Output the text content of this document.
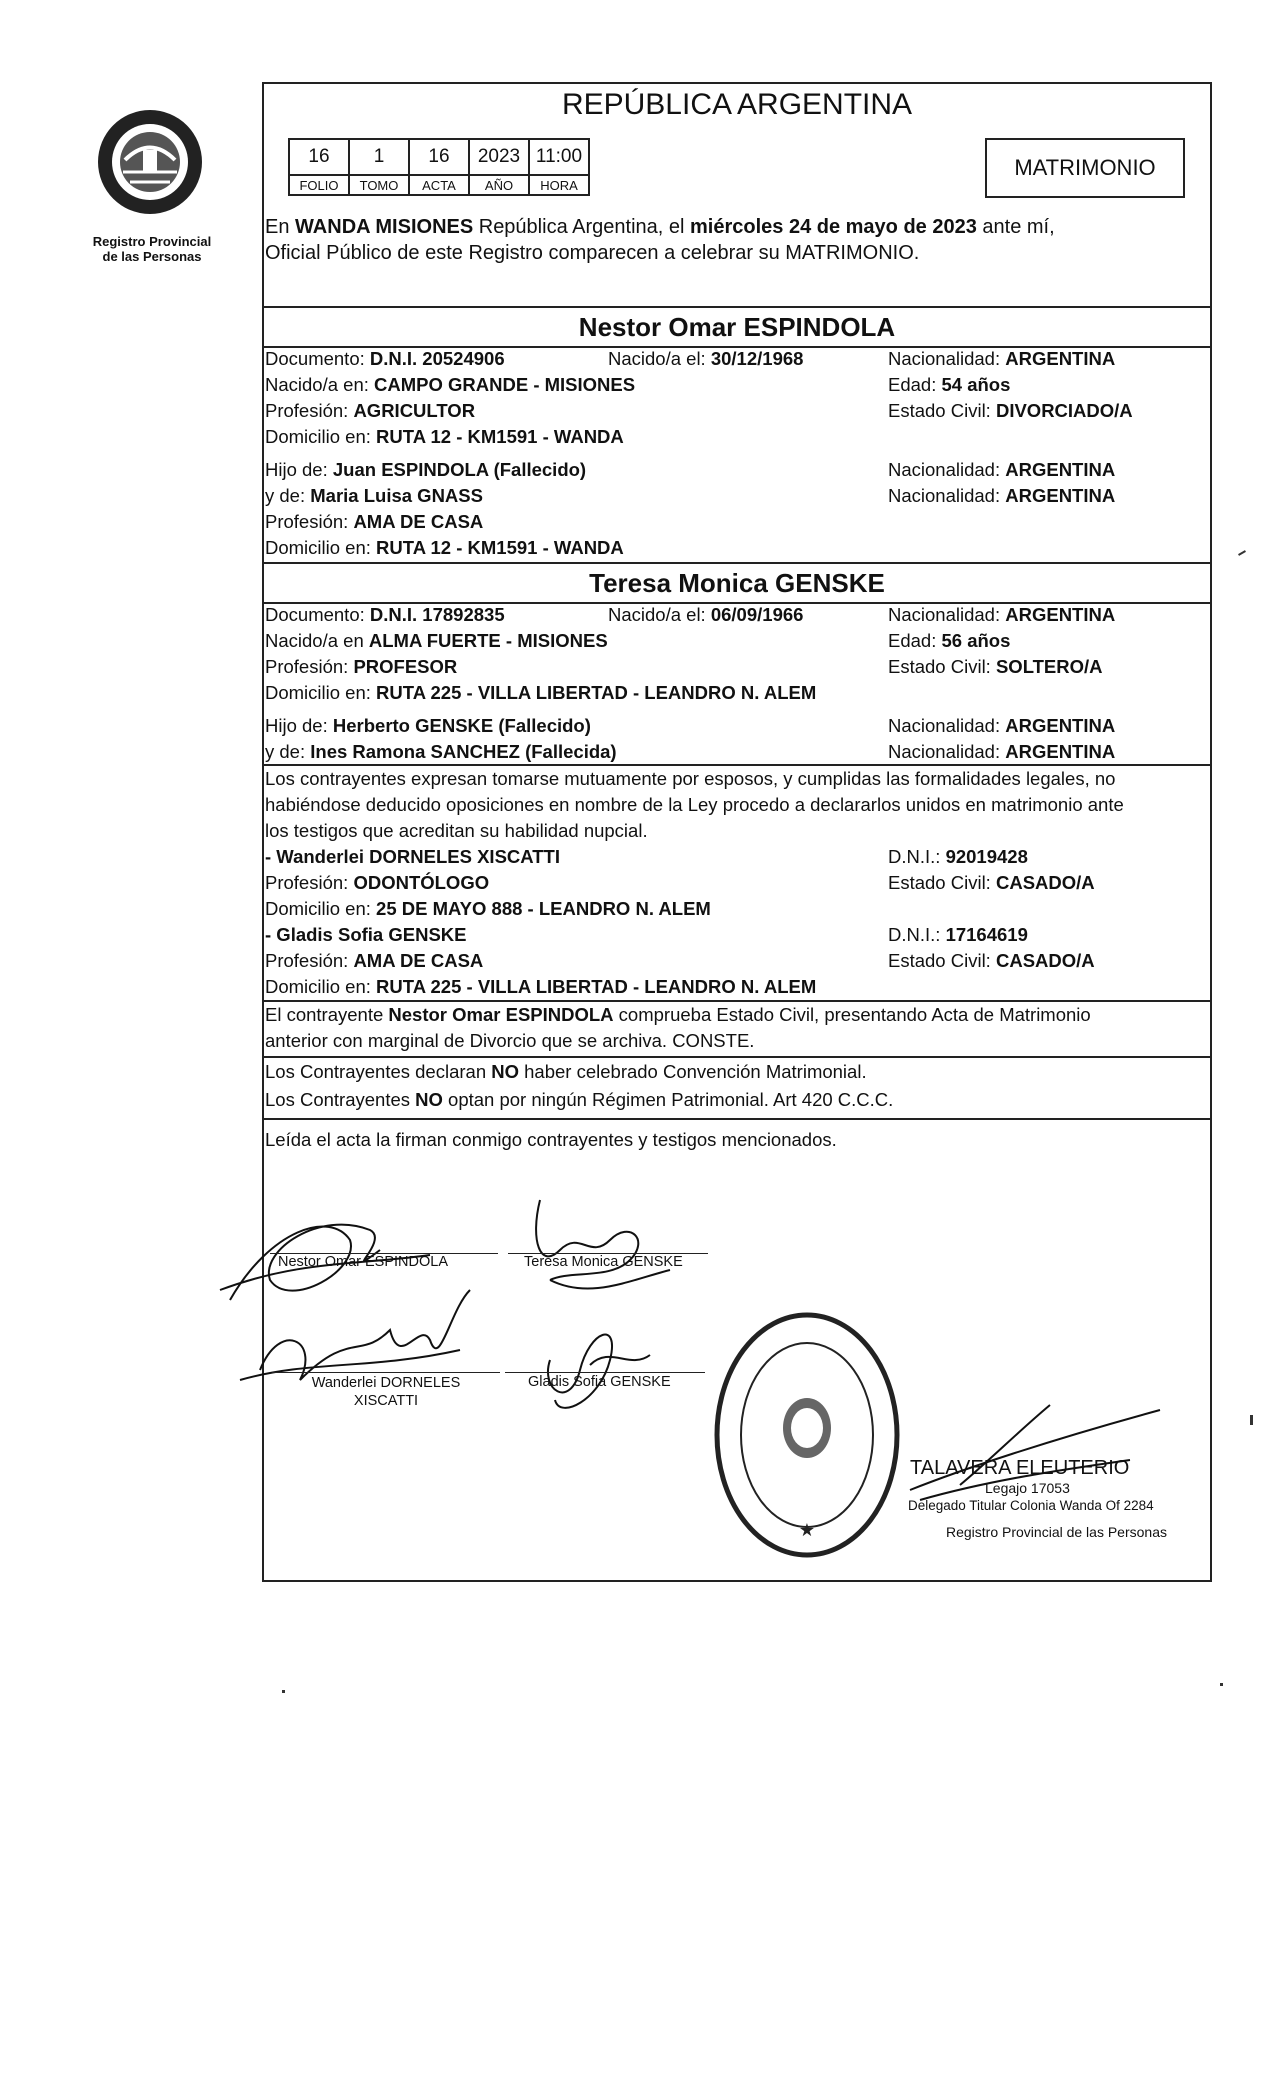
Registro Provincial
de las Personas
REPÚBLICA ARGENTINA
16	1	16	2023	11:00
FOLIO	TOMO	ACTA	AÑO	HORA
MATRIMONIO
En WANDA MISIONES República Argentina, el miércoles 24 de mayo de 2023 ante mí,
Oficial Público de este Registro comparecen a celebrar su MATRIMONIO.
Nestor Omar ESPINDOLA
Documento: D.N.I. 20524906	Nacido/a el: 30/12/1968	Nacionalidad: ARGENTINA
Nacido/a en: CAMPO GRANDE - MISIONES	Edad: 54 años
Profesión: AGRICULTOR	Estado Civil: DIVORCIADO/A
Domicilio en: RUTA 12 - KM1591 - WANDA
Hijo de: Juan ESPINDOLA (Fallecido)	Nacionalidad: ARGENTINA
y de: Maria Luisa GNASS	Nacionalidad: ARGENTINA
Profesión: AMA DE CASA
Domicilio en: RUTA 12 - KM1591 - WANDA
Teresa Monica GENSKE
Documento: D.N.I. 17892835	Nacido/a el: 06/09/1966	Nacionalidad: ARGENTINA
Nacido/a en ALMA FUERTE - MISIONES	Edad: 56 años
Profesión: PROFESOR	Estado Civil: SOLTERO/A
Domicilio en: RUTA 225 - VILLA LIBERTAD - LEANDRO N. ALEM
Hijo de: Herberto GENSKE (Fallecido)	Nacionalidad: ARGENTINA
y de: Ines Ramona SANCHEZ (Fallecida)	Nacionalidad: ARGENTINA
Los contrayentes expresan tomarse mutuamente por esposos, y cumplidas las formalidades legales, no
habiéndose deducido oposiciones en nombre de la Ley procedo a declararlos unidos en matrimonio ante
los testigos que acreditan su habilidad nupcial.
- Wanderlei DORNELES XISCATTI	D.N.I.: 92019428
Profesión: ODONTÓLOGO	Estado Civil: CASADO/A
Domicilio en: 25 DE MAYO 888 - LEANDRO N. ALEM
- Gladis Sofia GENSKE	D.N.I.: 17164619
Profesión: AMA DE CASA	Estado Civil: CASADO/A
Domicilio en: RUTA 225 - VILLA LIBERTAD - LEANDRO N. ALEM
El contrayente Nestor Omar ESPINDOLA comprueba Estado Civil, presentando Acta de Matrimonio
anterior con marginal de Divorcio que se archiva. CONSTE.
Los Contrayentes declaran NO haber celebrado Convención Matrimonial.
Los Contrayentes NO optan por ningún Régimen Patrimonial. Art 420 C.C.C.
Leída el acta la firman conmigo contrayentes y testigos mencionados.
Nestor Omar ESPINDOLA	Teresa Monica GENSKE
Wanderlei DORNELES
XISCATTI
Gladis Sofia GENSKE
★
TALAVERA ELEUTERIO
Legajo 17053
Delegado Titular Colonia Wanda Of 2284
Registro Provincial de las Personas
